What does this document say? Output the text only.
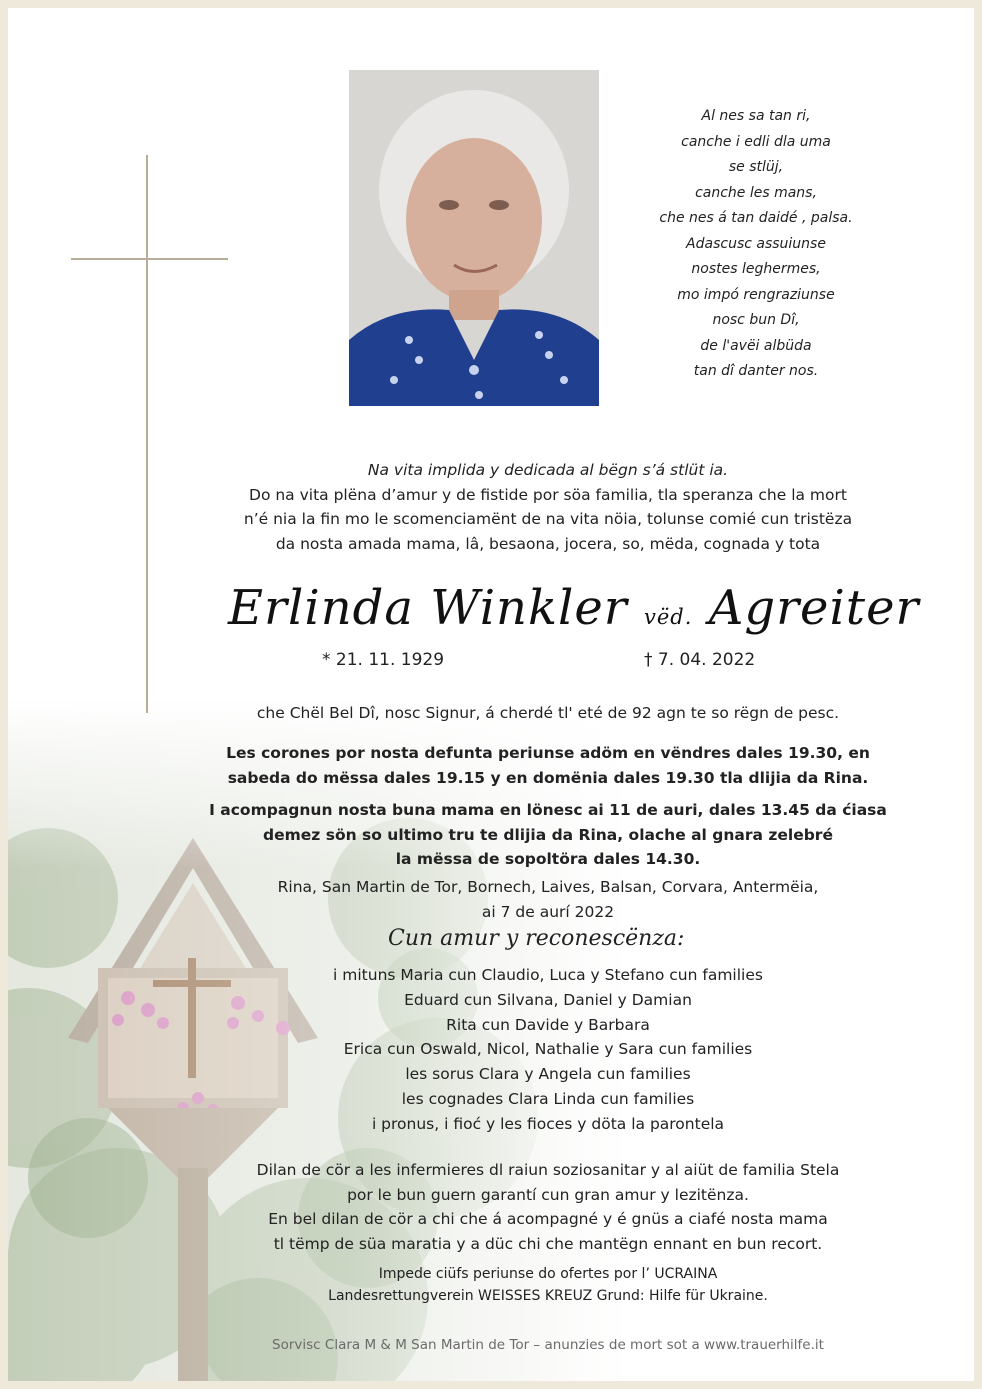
Al nes sa tan ri,
canche i edli dla uma
se stlüj,
canche les mans,
che nes á tan daidé , palsa.
Adascusc assuiunse
nostes leghermes,
mo impó rengraziunse
nosc bun Dî,
de l'avëi albüda
tan dî danter nos.
Na vita implida y dedicada al bëgn s’á stlüt ia.
Do na vita plëna d’amur y de fistide por söa familia, tla speranza che la mort
n’é nia la fin mo le scomenciamënt de na vita nöia, tolunse comié cun tristëza
da nosta amada mama, lâ, besaona, jocera, so, mëda, cognada y tota
Erlinda Winkler vëd. Agreiter
* 21. 11. 1929	† 7. 04. 2022
che Chël Bel Dî, nosc Signur, á cherdé tl' eté de 92 agn te so rëgn de pesc.
Les corones por nosta defunta periunse adöm en vëndres dales 19.30, en
sabeda do mëssa dales 19.15 y en domënia dales 19.30 tla dlijia da Rina.
I acompagnun nosta buna mama en lönesc ai 11 de auri, dales 13.45 da ćiasa
demez sön so ultimo tru te dlijia da Rina, olache al gnara zelebré
la mëssa de sopoltöra dales 14.30.
Rina, San Martin de Tor, Bornech, Laives, Balsan, Corvara, Antermëia,
ai 7 de aurí 2022
Cun amur y reconescënza:
i mituns Maria cun Claudio, Luca y Stefano cun families
Eduard cun Silvana, Daniel y Damian
Rita cun Davide y Barbara
Erica cun Oswald, Nicol, Nathalie y Sara cun families
les sorus Clara y Angela cun families
les cognades Clara Linda cun families
i pronus, i fioć y les fioces y döta la parontela
Dilan de cör a les infermieres dl raiun soziosanitar y al aiüt de familia Stela
por le bun guern garantí cun gran amur y lezitënza.
En bel dilan de cör a chi che á acompagné y é gnüs a ciafé nosta mama
tl tëmp de süa maratia y a düc chi che mantëgn ennant en bun recort.
Impede ciüfs periunse do ofertes por l’ UCRAINA
Landesrettungverein WEISSES KREUZ Grund: Hilfe für Ukraine.
Sorvisc Clara M & M San Martin de Tor – anunzies de mort sot a www.trauerhilfe.it
